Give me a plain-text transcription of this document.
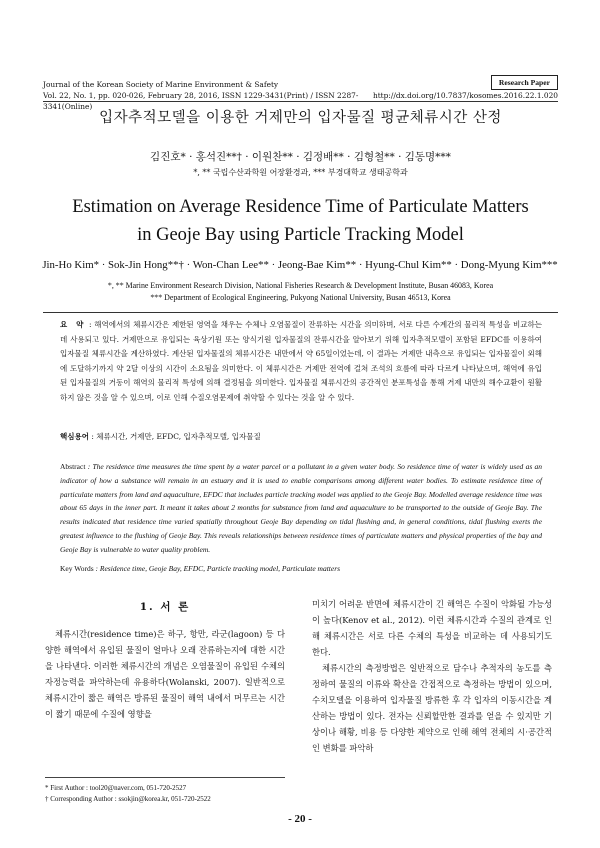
Journal of the Korean Society of Marine Environment & Safety
Vol. 22, No. 1, pp. 020-026, February 28, 2016, ISSN 1229-3431(Print) / ISSN 2287-3341(Online)
http://dx.doi.org/10.7837/kosomes.2016.22.1.020
Research Paper
입자추적모델을 이용한 거제만의 입자물질 평균체류시간 산정
김진호* · 홍석진**† · 이원찬** · 김정배** · 김형철** · 김동명***
*, ** 국립수산과학원 어장환경과, *** 부경대학교 생태공학과
Estimation on Average Residence Time of Particulate Matters
in Geoje Bay using Particle Tracking Model
Jin-Ho Kim* · Sok-Jin Hong**† · Won-Chan Lee** · Jeong-Bae Kim** · Hyung-Chul Kim** · Dong-Myung Kim***
*, ** Marine Environment Research Division, National Fisheries Research & Development Institute, Busan 46083, Korea
*** Department of Ecological Engineering, Pukyong National University, Busan 46513, Korea
요 약 : 해역에서의 체류시간은 제한된 영역을 채우는 수체나 오염물질이 잔류하는 시간을 의미하며, 서로 다른 수계간의 물리적 특성을 비교하는 데 사용되고 있다. 거제만으로 유입되는 육상기원 또는 양식기원 입자물질의 잔류시간을 알아보기 위해 입자추적모델이 포함된 EFDC를 이용하여 입자물질 체류시간을 계산하였다. 계산된 입자물질의 체류시간은 내만에서 약 65일이었는데, 이 결과는 거제만 내측으로 유입되는 입자물질이 외해에 도달하기까지 약 2달 이상의 시간이 소요됨을 의미한다. 이 체류시간은 거제만 전역에 걸쳐 조석의 흐름에 따라 다르게 나타났으며, 해역에 유입된 입자물질의 거동이 해역의 물리적 특성에 의해 결정됨을 의미한다. 입자물질 체류시간의 공간적인 분포특성을 통해 거제 내만의 해수교환이 원활하지 않은 것을 알 수 있으며, 이로 인해 수질오염문제에 취약할 수 있다는 것을 알 수 있다.
핵심용어 : 체류시간, 거제만, EFDC, 입자추적모델, 입자물질
Abstract : The residence time measures the time spent by a water parcel or a pollutant in a given water body. So residence time of water is widely used as an indicator of how a substance will remain in an estuary and it is used to enable comparisons among different water bodies. To estimate residence time of particulate matters from land and aquaculture, EFDC that includes particle tracking model was applied to the Geoje Bay. Modelled average residence time was about 65 days in the inner part. It meant it takes about 2 months for substance from land and aquaculture to be transported to the outside of Geoje Bay. The results indicated that residence time varied spatially throughout Geoje Bay depending on tidal flushing and, in general conditions, tidal flushing exerts the greatest influence to the flushing of Geoje Bay. This reveals relationships between residence times of particulate matters and physical properties of the bay and Geoje Bay is vulnerable to water quality problem.
Key Words : Residence time, Geoje Bay, EFDC, Particle tracking model, Particulate matters
1. 서 론

체류시간(residence time)은 하구, 항만, 라군(lagoon) 등 다양한 해역에서 유입된 물질이 얼마나 오래 잔류하는지에 대한 시간을 나타낸다. 이러한 체류시간의 개념은 오염물질이 유입된 수체의 자정능력을 파악하는데 유용하다(Wolanski, 2007). 일반적으로 체류시간이 짧은 해역은 방류된 물질이 해역 내에서 머무르는 시간이 짧기 때문에 수질에 영향을

미치기 어려운 반면에 체류시간이 긴 해역은 수질이 악화될 가능성이 높다(Kenov et al., 2012). 이런 체류시간과 수질의 관계로 인해 체류시간은 서로 다른 수체의 특성을 비교하는 데 사용되기도 한다.

체류시간의 측정방법은 일반적으로 담수나 추적자의 농도를 측정하여 물질의 이류와 확산을 간접적으로 측정하는 방법이 있으며, 수치모델을 이용하여 입자물질 방류한 후 각 입자의 이동시간을 계산하는 방법이 있다. 전자는 신뢰할만한 결과를 얻을 수 있지만 기상이나 해황, 비용 등 다양한 제약으로 인해 해역 전체의 시·공간적인 변화를 파악하

* First Author : tool20@naver.com, 051-720-2527
† Corresponding Author : ssokjin@korea.kr, 051-720-2522
- 20 -
